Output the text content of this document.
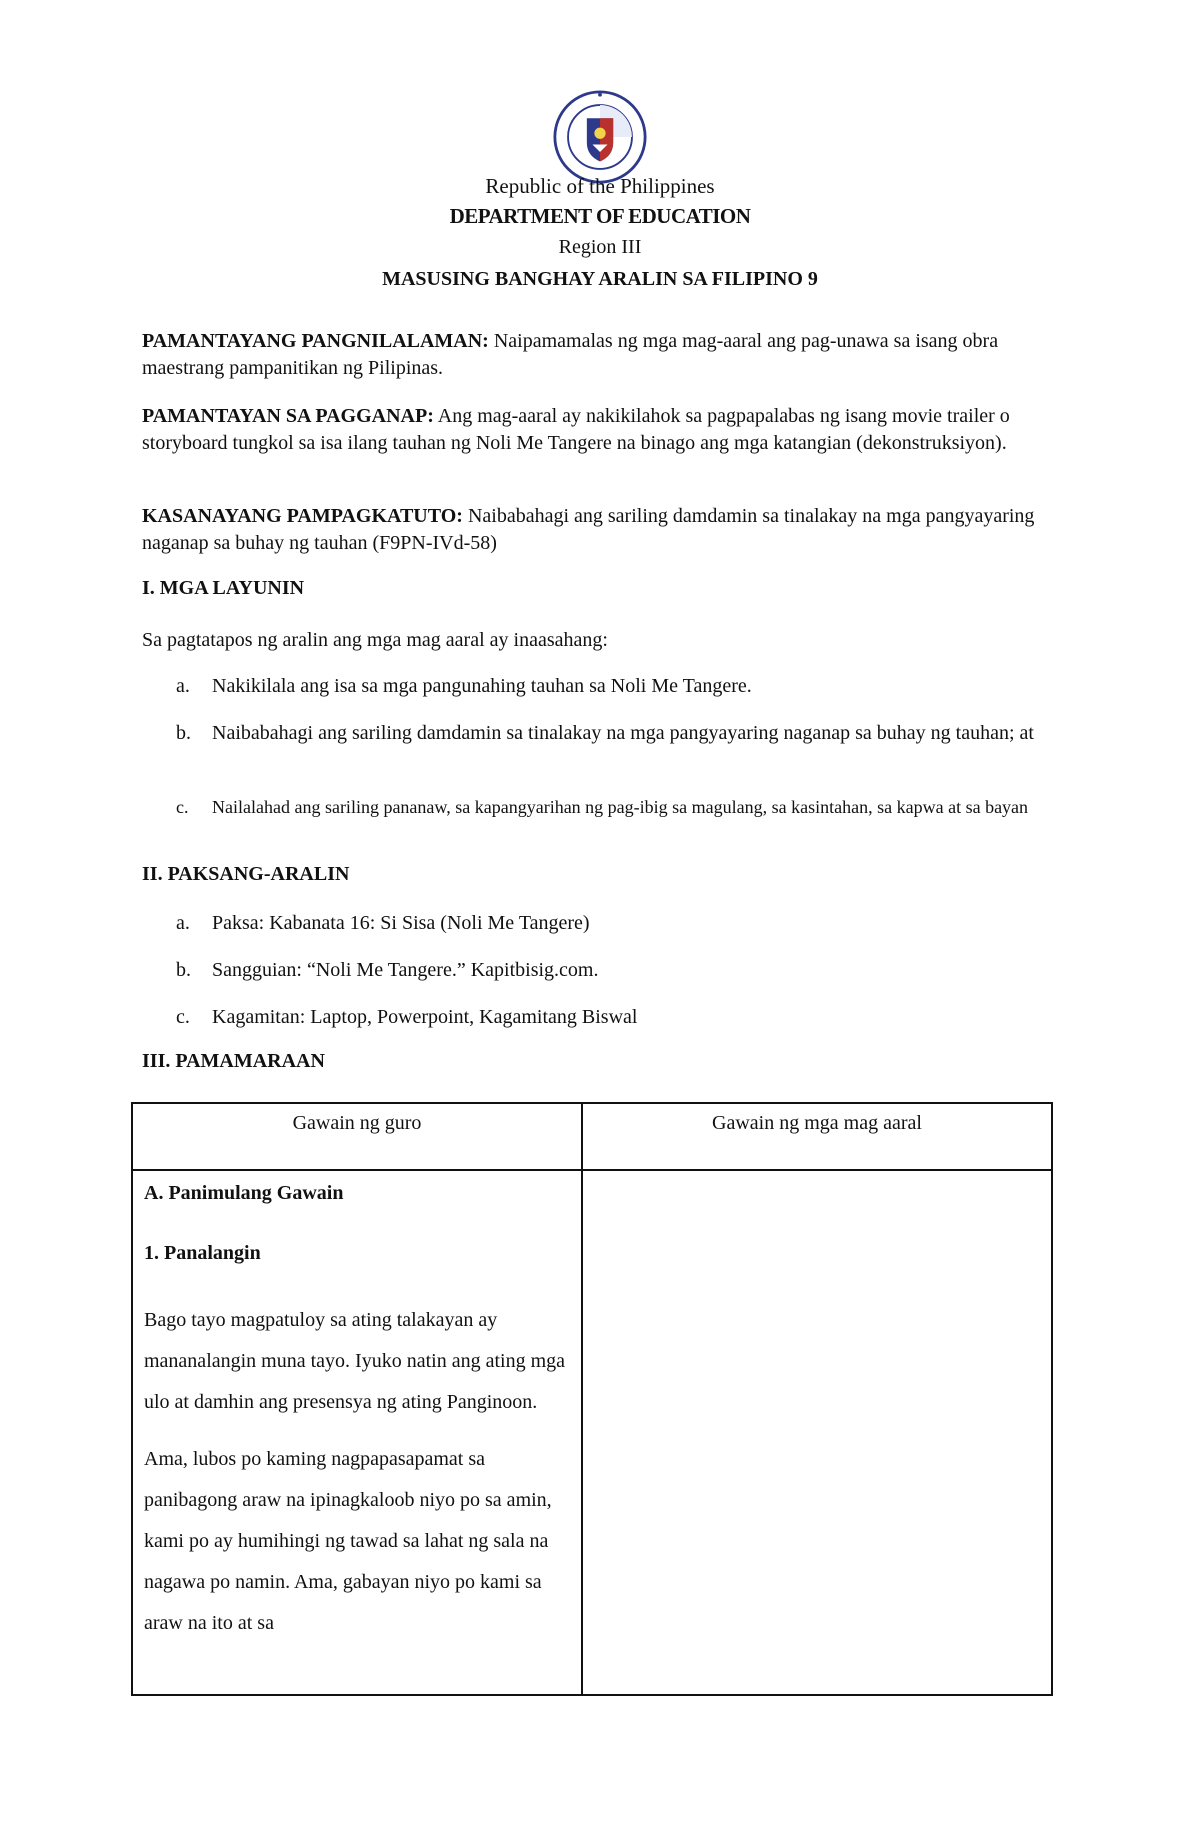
Republic of the Philippines
DEPARTMENT OF EDUCATION
Region III
MASUSING BANGHAY ARALIN SA FILIPINO 9

PAMANTAYANG PANGNILALAMAN: Naipamamalas ng mga mag-aaral ang pag-unawa sa isang obra maestrang pampanitikan ng Pilipinas.

PAMANTAYAN SA PAGGANAP: Ang mag-aaral ay nakikilahok sa pagpapalabas ng isang movie trailer o storyboard tungkol sa isa ilang tauhan ng Noli Me Tangere na binago ang mga katangian (dekonstruksiyon).

KASANAYANG PAMPAGKATUTO: Naibabahagi ang sariling damdamin sa tinalakay na mga pangyayaring naganap sa buhay ng tauhan (F9PN-IVd-58)

I. MGA LAYUNIN
Sa pagtatapos ng aralin ang mga mag aaral ay inaasahang:
a.	Nakikilala ang isa sa mga pangunahing tauhan sa Noli Me Tangere.
b.	Naibabahagi ang sariling damdamin sa tinalakay na mga pangyayaring naganap sa buhay ng tauhan; at
c.	Nailalahad ang sariling pananaw, sa kapangyarihan ng pag-ibig sa magulang, sa kasintahan, sa kapwa at sa bayan
II. PAKSANG-ARALIN
a.	Paksa: Kabanata 16: Si Sisa (Noli Me Tangere)
b.	Sangguian: “Noli Me Tangere.” Kapitbisig.com.
c.	Kagamitan: Laptop, Powerpoint, Kagamitang Biswal
III. PAMAMARAAN
Gawain ng guro	Gawain ng mga mag aaral

A. Panimulang Gawain

1. Panalangin

Bago tayo magpatuloy sa ating talakayan ay mananalangin muna tayo. Iyuko natin ang ating mga ulo at damhin ang presensya ng ating Panginoon.

Ama, lubos po kaming nagpapasapamat sa panibagong araw na ipinagkaloob niyo po sa amin, kami po ay humihingi ng tawad sa lahat ng sala na nagawa po namin. Ama, gabayan niyo po kami sa araw na ito at sa	
